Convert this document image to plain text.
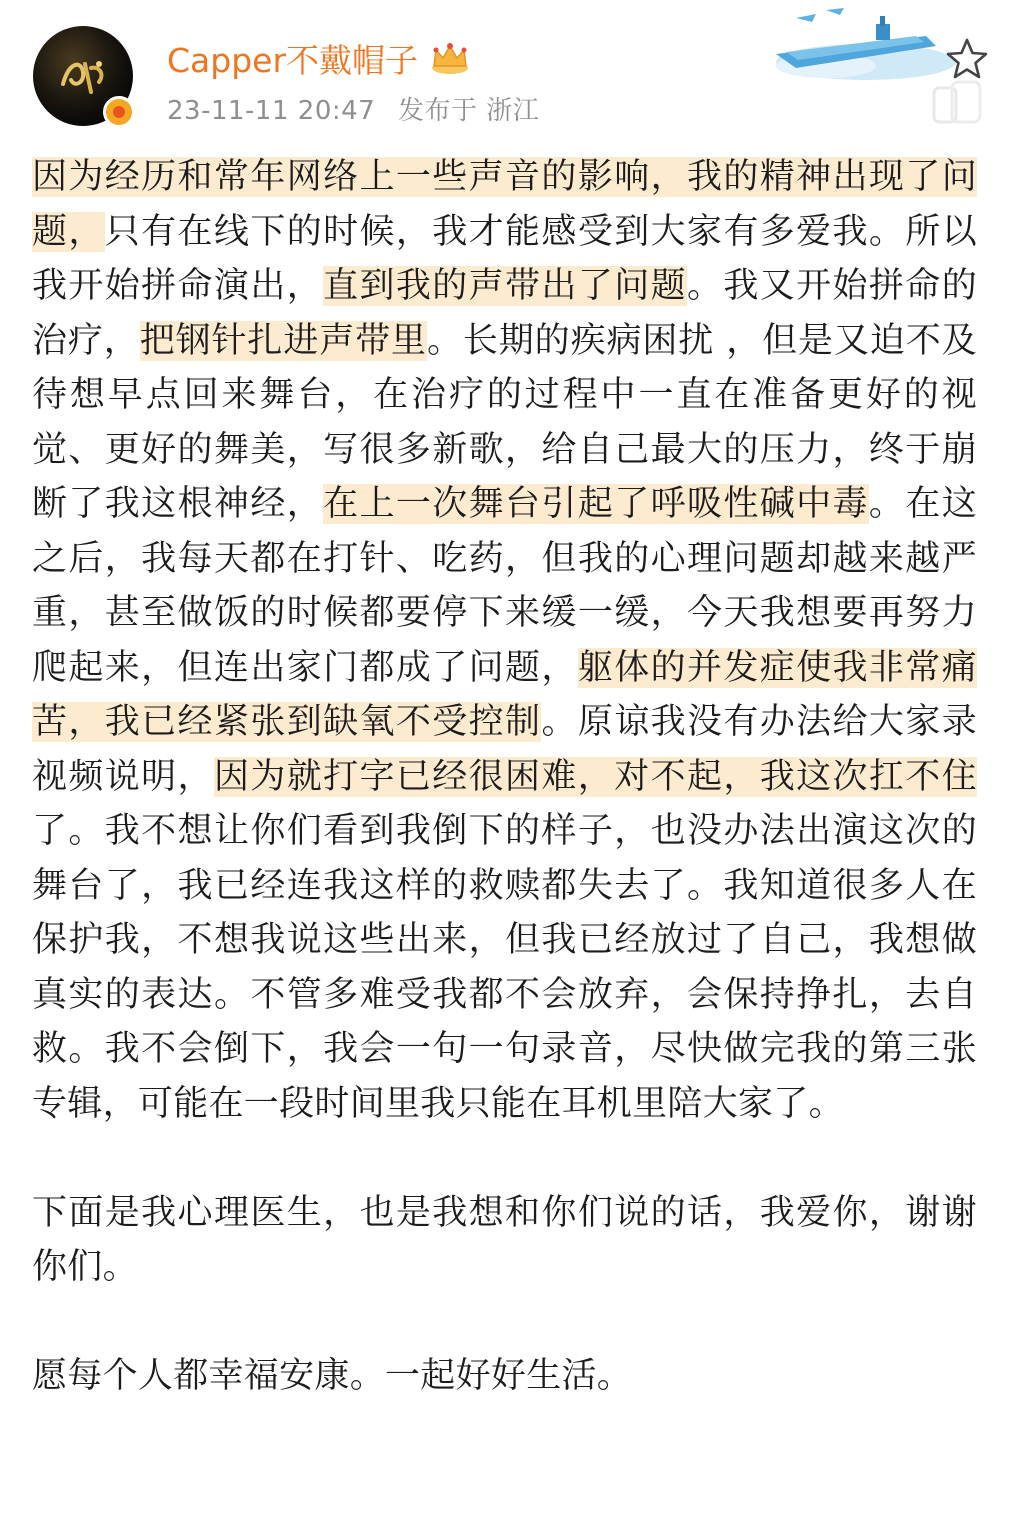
Capper不戴帽子
23-11-11 20:47 发布于 浙江

因为经历和常年网络上一些声音的影响，我的精神出现了问题，只有在线下的时候，我才能感受到大家有多爱我。所以我开始拼命演出，直到我的声带出了问题。我又开始拼命的治疗，把钢针扎进声带里。长期的疾病困扰 ，但是又迫不及待想早点回来舞台，在治疗的过程中一直在准备更好的视觉、更好的舞美，写很多新歌，给自己最大的压力，终于崩断了我这根神经，在上一次舞台引起了呼吸性碱中毒。在这之后，我每天都在打针、吃药，但我的心理问题却越来越严重，甚至做饭的时候都要停下来缓一缓，今天我想要再努力爬起来，但连出家门都成了问题，躯体的并发症使我非常痛苦，我已经紧张到缺氧不受控制。原谅我没有办法给大家录视频说明，因为就打字已经很困难，对不起，我这次扛不住了。我不想让你们看到我倒下的样子，也没办法出演这次的舞台了，我已经连我这样的救赎都失去了。我知道很多人在保护我，不想我说这些出来，但我已经放过了自己，我想做真实的表达。不管多难受我都不会放弃，会保持挣扎，去自救。我不会倒下，我会一句一句录音，尽快做完我的第三张专辑，可能在一段时间里我只能在耳机里陪大家了。

下面是我心理医生，也是我想和你们说的话，我爱你，谢谢你们。

愿每个人都幸福安康。一起好好生活。
